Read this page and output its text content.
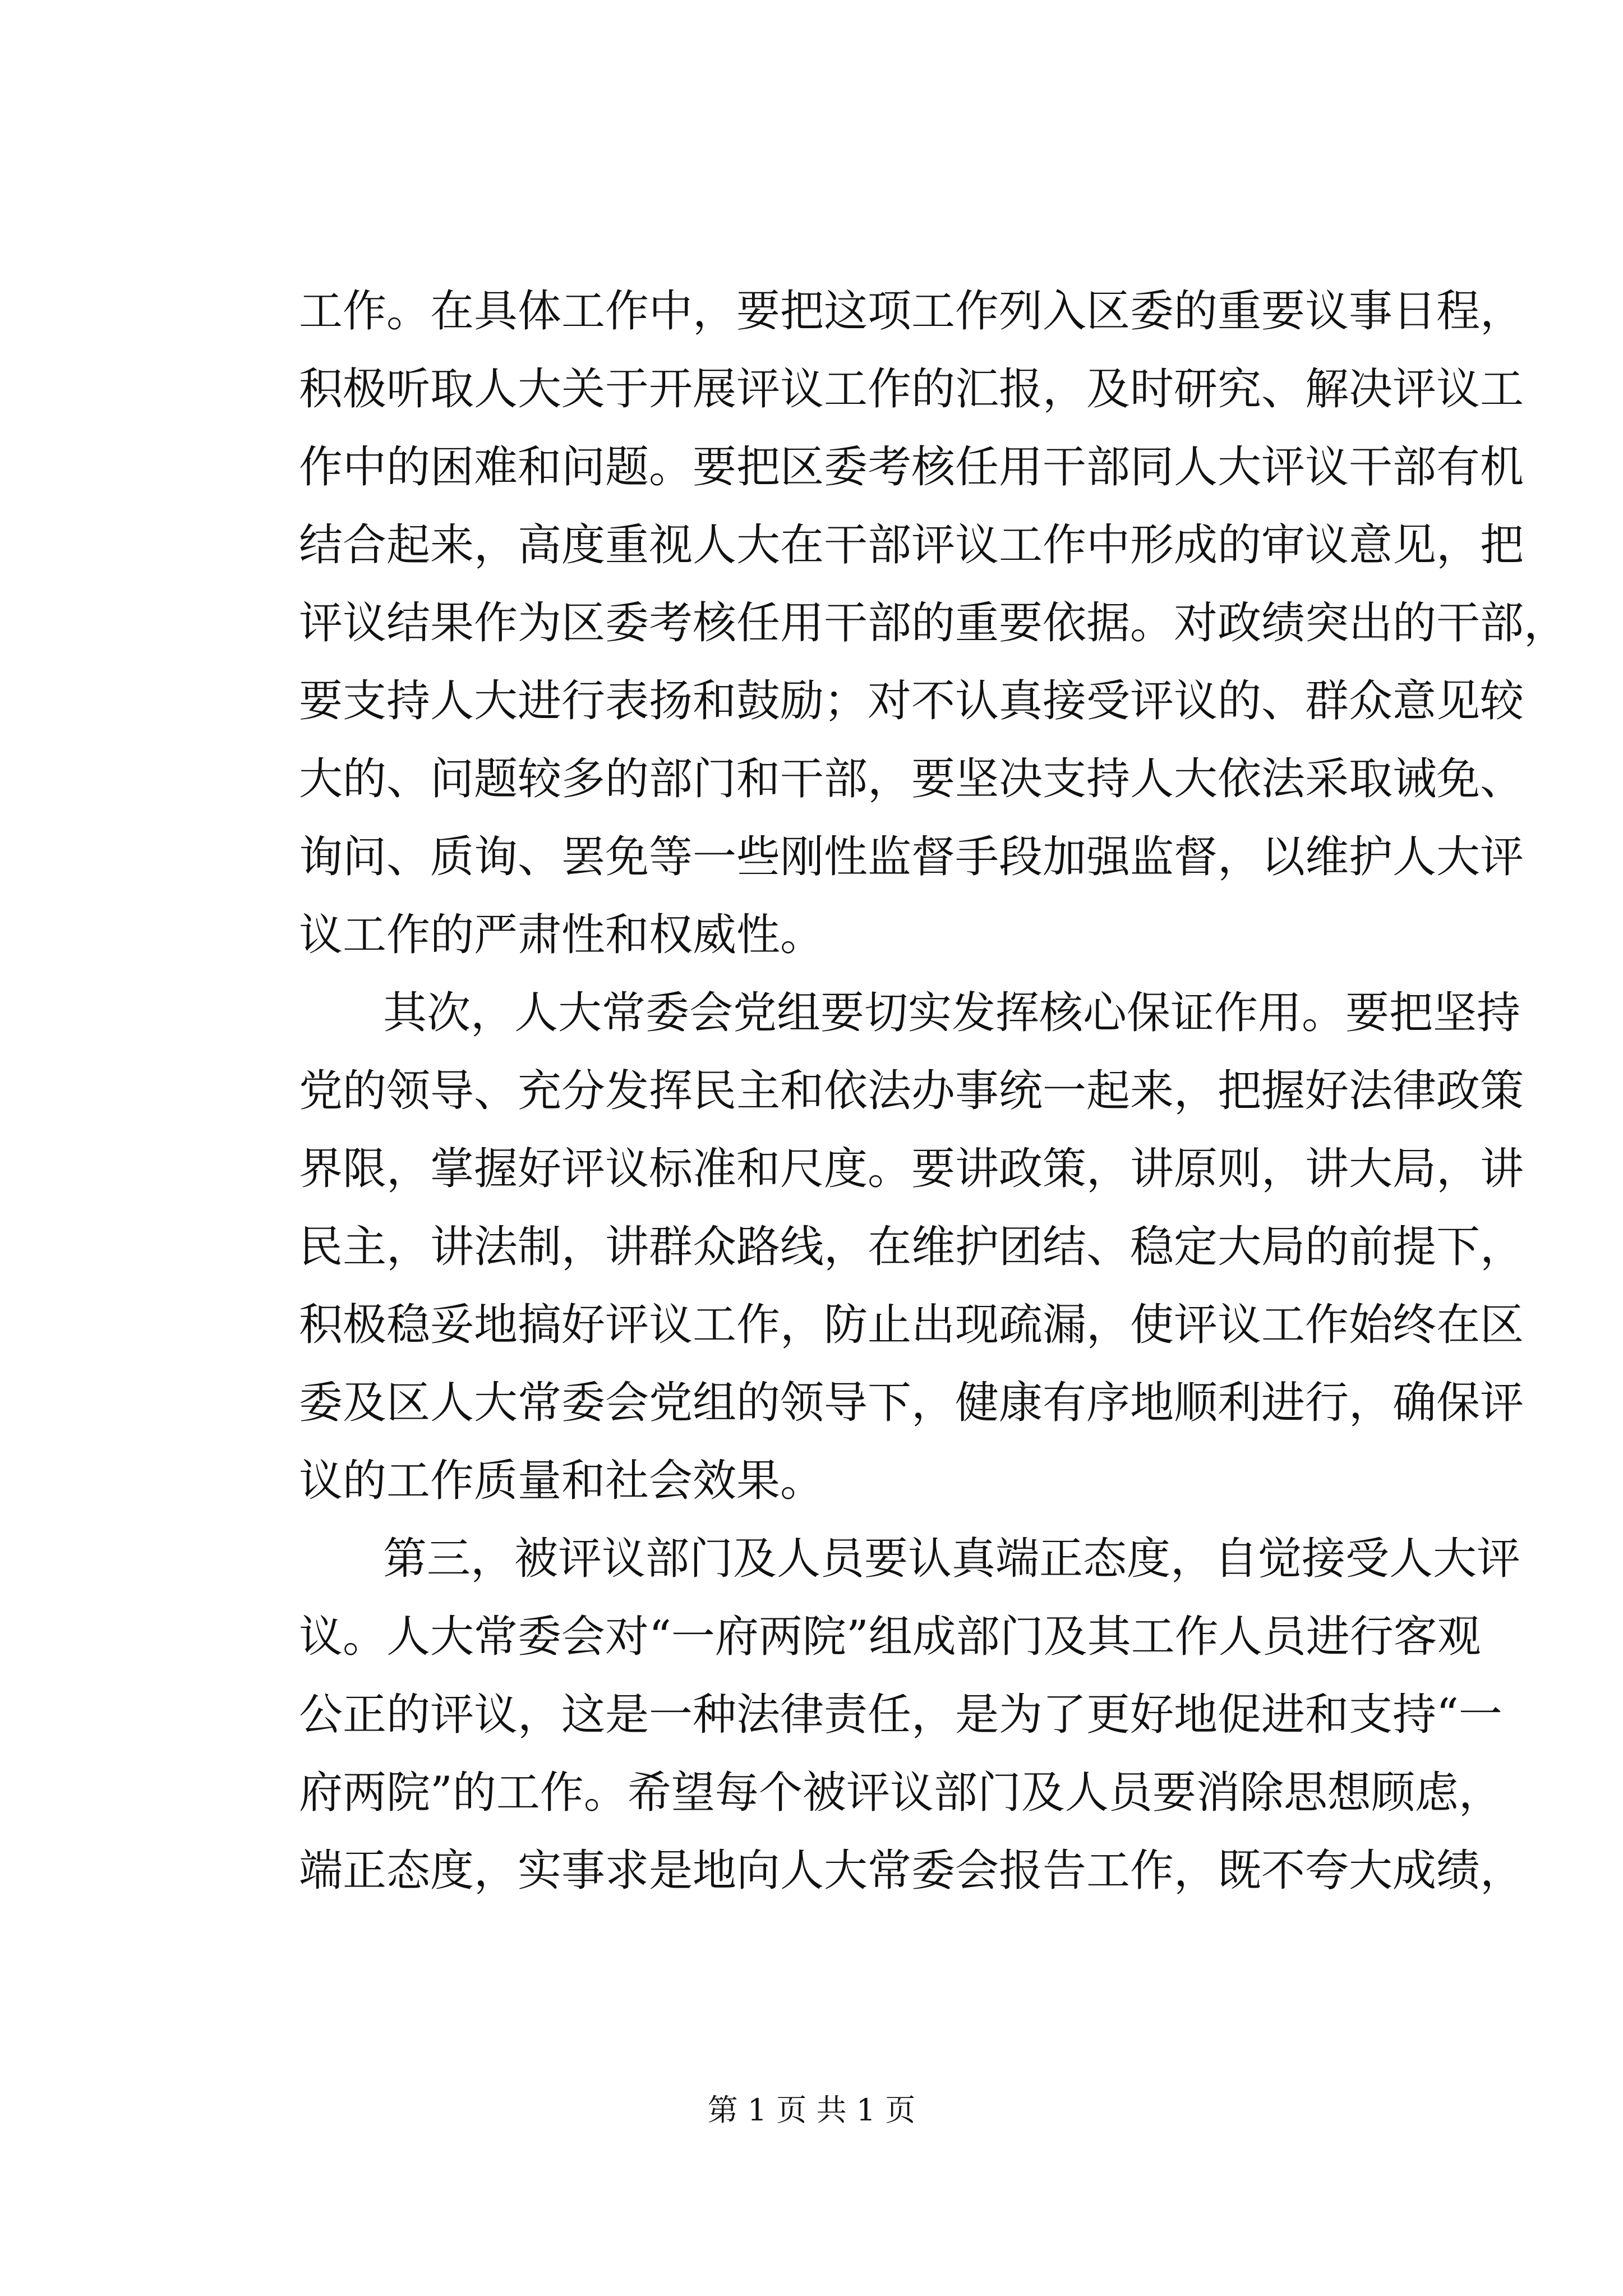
工作。在具体工作中，要把这项工作列入区委的重要议事日程，
积极听取人大关于开展评议工作的汇报，及时研究、解决评议工
作中的困难和问题。要把区委考核任用干部同人大评议干部有机
结合起来，高度重视人大在干部评议工作中形成的审议意见，把
评议结果作为区委考核任用干部的重要依据。对政绩突出的干部，
要支持人大进行表扬和鼓励；对不认真接受评议的、群众意见较
大的、问题较多的部门和干部，要坚决支持人大依法采取诫免、
询问、质询、罢免等一些刚性监督手段加强监督，以维护人大评
议工作的严肃性和权威性。
其次，人大常委会党组要切实发挥核心保证作用。要把坚持
党的领导、充分发挥民主和依法办事统一起来，把握好法律政策
界限，掌握好评议标准和尺度。要讲政策，讲原则，讲大局，讲
民主，讲法制，讲群众路线，在维护团结、稳定大局的前提下，
积极稳妥地搞好评议工作，防止出现疏漏，使评议工作始终在区
委及区人大常委会党组的领导下，健康有序地顺利进行，确保评
议的工作质量和社会效果。
第三，被评议部门及人员要认真端正态度，自觉接受人大评
议。人大常委会对“一府两院”组成部门及其工作人员进行客观
公正的评议，这是一种法律责任，是为了更好地促进和支持“一
府两院”的工作。希望每个被评议部门及人员要消除思想顾虑，
端正态度，实事求是地向人大常委会报告工作，既不夸大成绩，
第 1 页 共 1 页
